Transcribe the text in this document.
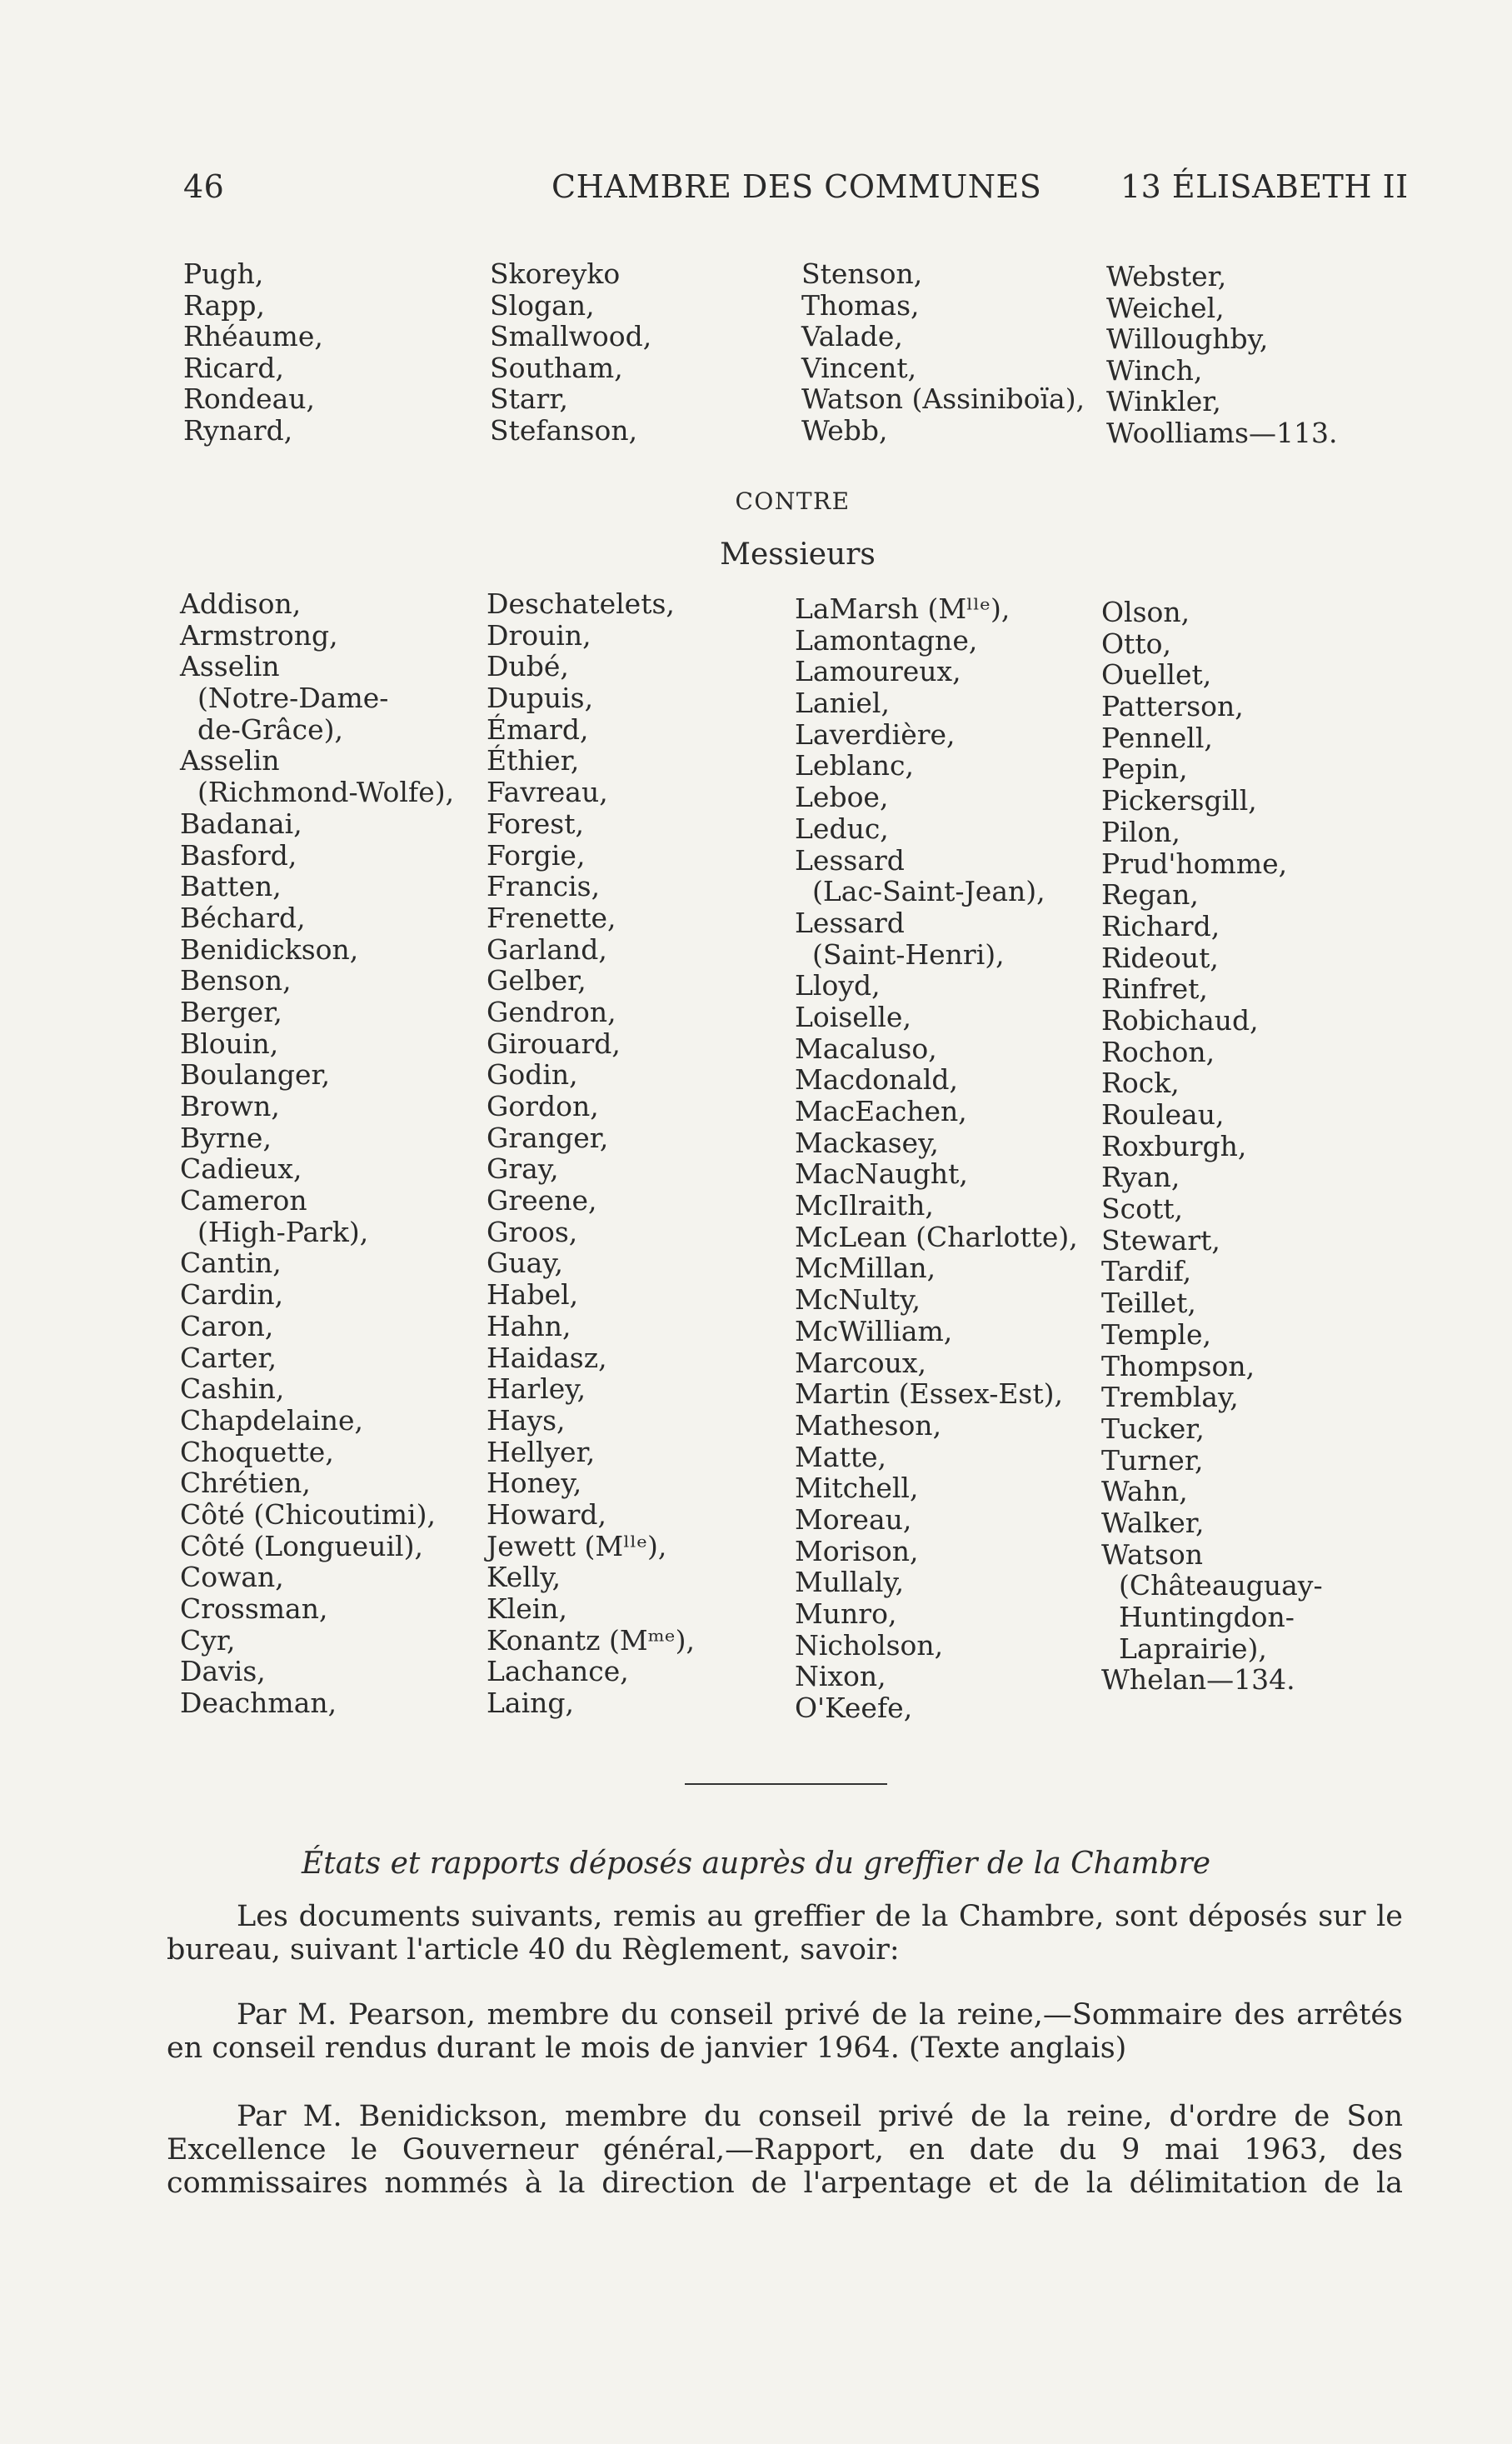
46	CHAMBRE DES COMMUNES 13 ÉLISABETH II
Pugh,
Rapp,
Rhéaume,
Ricard,
Rondeau,
Rynard,
Skoreyko
Slogan,
Smallwood,
Southam,
Starr,
Stefanson,
Stenson,
Thomas,
Valade,
Vincent,
Watson (Assiniboïa),
Webb,
Webster,
Weichel,
Willoughby,
Winch,
Winkler,
Woolliams—113.
CONTRE
Messieurs
Addison,
Armstrong,
Asselin
(Notre-Dame-
de-Grâce),
Asselin
(Richmond-Wolfe),
Badanai,
Basford,
Batten,
Béchard,
Benidickson,
Benson,
Berger,
Blouin,
Boulanger,
Brown,
Byrne,
Cadieux,
Cameron
(High-Park),
Cantin,
Cardin,
Caron,
Carter,
Cashin,
Chapdelaine,
Choquette,
Chrétien,
Côté (Chicoutimi),
Côté (Longueuil),
Cowan,
Crossman,
Cyr,
Davis,
Deachman,
Deschatelets,
Drouin,
Dubé,
Dupuis,
Émard,
Éthier,
Favreau,
Forest,
Forgie,
Francis,
Frenette,
Garland,
Gelber,
Gendron,
Girouard,
Godin,
Gordon,
Granger,
Gray,
Greene,
Groos,
Guay,
Habel,
Hahn,
Haidasz,
Harley,
Hays,
Hellyer,
Honey,
Howard,
Jewett (Mˡˡᵉ),
Kelly,
Klein,
Konantz (Mᵐᵉ),
Lachance,
Laing,
LaMarsh (Mˡˡᵉ),
Lamontagne,
Lamoureux,
Laniel,
Laverdière,
Leblanc,
Leboe,
Leduc,
Lessard
(Lac-Saint-Jean),
Lessard
(Saint-Henri),
Lloyd,
Loiselle,
Macaluso,
Macdonald,
MacEachen,
Mackasey,
MacNaught,
McIlraith,
McLean (Charlotte),
McMillan,
McNulty,
McWilliam,
Marcoux,
Martin (Essex-Est),
Matheson,
Matte,
Mitchell,
Moreau,
Morison,
Mullaly,
Munro,
Nicholson,
Nixon,
O'Keefe,
Olson,
Otto,
Ouellet,
Patterson,
Pennell,
Pepin,
Pickersgill,
Pilon,
Prud'homme,
Regan,
Richard,
Rideout,
Rinfret,
Robichaud,
Rochon,
Rock,
Rouleau,
Roxburgh,
Ryan,
Scott,
Stewart,
Tardif,
Teillet,
Temple,
Thompson,
Tremblay,
Tucker,
Turner,
Wahn,
Walker,
Watson
(Châteauguay-
Huntingdon-
Laprairie),
Whelan—134.
États et rapports déposés auprès du greffier de la Chambre
Les documents suivants, remis au greffier de la Chambre, sont déposés sur le bureau, suivant l'article 40 du Règlement, savoir:
Par M. Pearson, membre du conseil privé de la reine,—Sommaire des arrêtés en conseil rendus durant le mois de janvier 1964. (Texte anglais)
Par M. Benidickson, membre du conseil privé de la reine, d'ordre de Son Excellence le Gouverneur général,—Rapport, en date du 9 mai 1963, des commissaires nommés à la direction de l'arpentage et de la délimitation de la
